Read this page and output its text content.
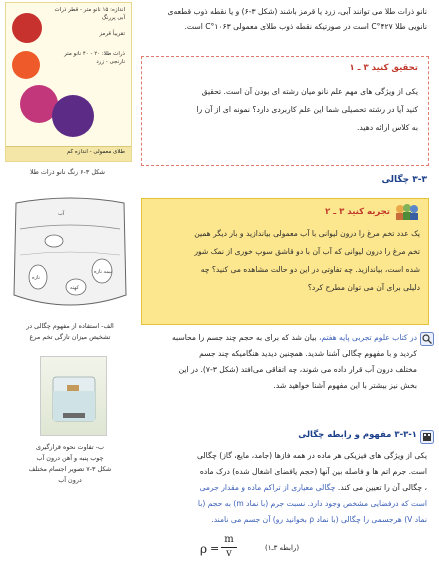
اندازه: ۱۵ نانو متر - قطر ذرات
آبی پررنگ
تقریباً قرمز
ذرات طلا: ۲۰ - ۴۰ نانو متر
نارنجی - زرد
طلای معمولی - اندازه کم
شکل ۳-۶ رنگ نانو ذرات طلا
آب
تازه
کهنه
نیمه تازه
الف- استفاده از مفهوم چگالی در
تشخیص میزان تازگی تخم مرغ
ب- تفاوت نحوه قرارگیری
چوب پنبه و آهن درون آب
شکل ۳-۷ تصویر اجسام مختلف
درون آب

نانو ذرات طلا می توانند آبی، زرد یا قرمز باشند (شکل ۳-۶) و یا نقطه ذوب قطعه‌ی

نانویی طلا ۴۲۷°C است در صورتیکه نقطه ذوب طلای معمولی ۱۰۶۳°C است.

تحقیق کنید ۳ ـ ۱

یکی از ویژگی های مهم علم نانو میان رشته ای بودن آن است. تحقیق

کنید آیا در رشته تحصیلی شما این علم کاربردی دارد؟ نمونه ای از آن را

به کلاس ارائه دهید.

۳-۳ چگالی
تجربه کنید ۳ ـ ۲

یک عدد تخم مرغ را درون لیوانی با آب معمولی بیاندازید و بار دیگر همین

تخم مرغ را درون لیوانی که آب آن با دو قاشق سوپ خوری از نمک شور

شده است، بیاندازید. چه تفاوتی در این دو حالت مشاهده می کنید؟ چه

دلیلی برای آن می توان مطرح کرد؟

در کتاب علوم تجربی پایه هفتم، بیان شد که برای به حجم چند جسم را محاسبه

کردید و با مفهوم چگالی آشنا شدید. همچنین دیدید هنگامیکه چند جسم

مختلف درون آب قرار داده می شوند، چه اتفاقی می‌افتد (شکل ۳-۷). در این

بخش نیز بیشتر با این مفهوم آشنا خواهید شد.

۳-۳-۱ مفهوم و رابطه چگالی

یکی از ویژگی های فیزیکی هر ماده در همه فازها (جامد، مایع، گاز) چگالی

است. جرم اتم ها و فاصله بین آنها (حجم یافضای اشغال شده) درک ماده

، چگالی آن را تعیین می کند. چگالی معیاری از تراکم ماده و مقدار جرمی

است که درفضایی مشخص وجود دارد. نسبت جرم (با نماد m) به حجم (با

نماد V) هرجسمی را چگالی (با نماد ρ بخوانید رو) آن جسم می نامند.

ρ =
m
v	(رابطه ۳ـ۱)
